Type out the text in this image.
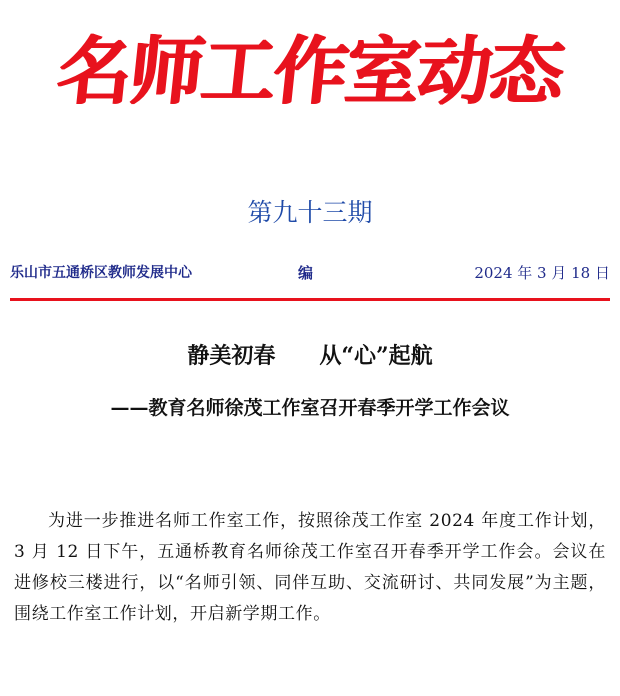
名师工作室动态
第九十三期
乐山市五通桥区教师发展中心	编	2024 年 3 月 18 日
静美初春　　从“心”起航
——教育名师徐茂工作室召开春季开学工作会议

为进一步推进名师工作室工作，按照徐茂工作室 2024 年度工作计划，3 月 12 日下午，五通桥教育名师徐茂工作室召开春季开学工作会。会议在进修校三楼进行，以“名师引领、同伴互助、交流研讨、共同发展”为主题，围绕工作室工作计划，开启新学期工作。
